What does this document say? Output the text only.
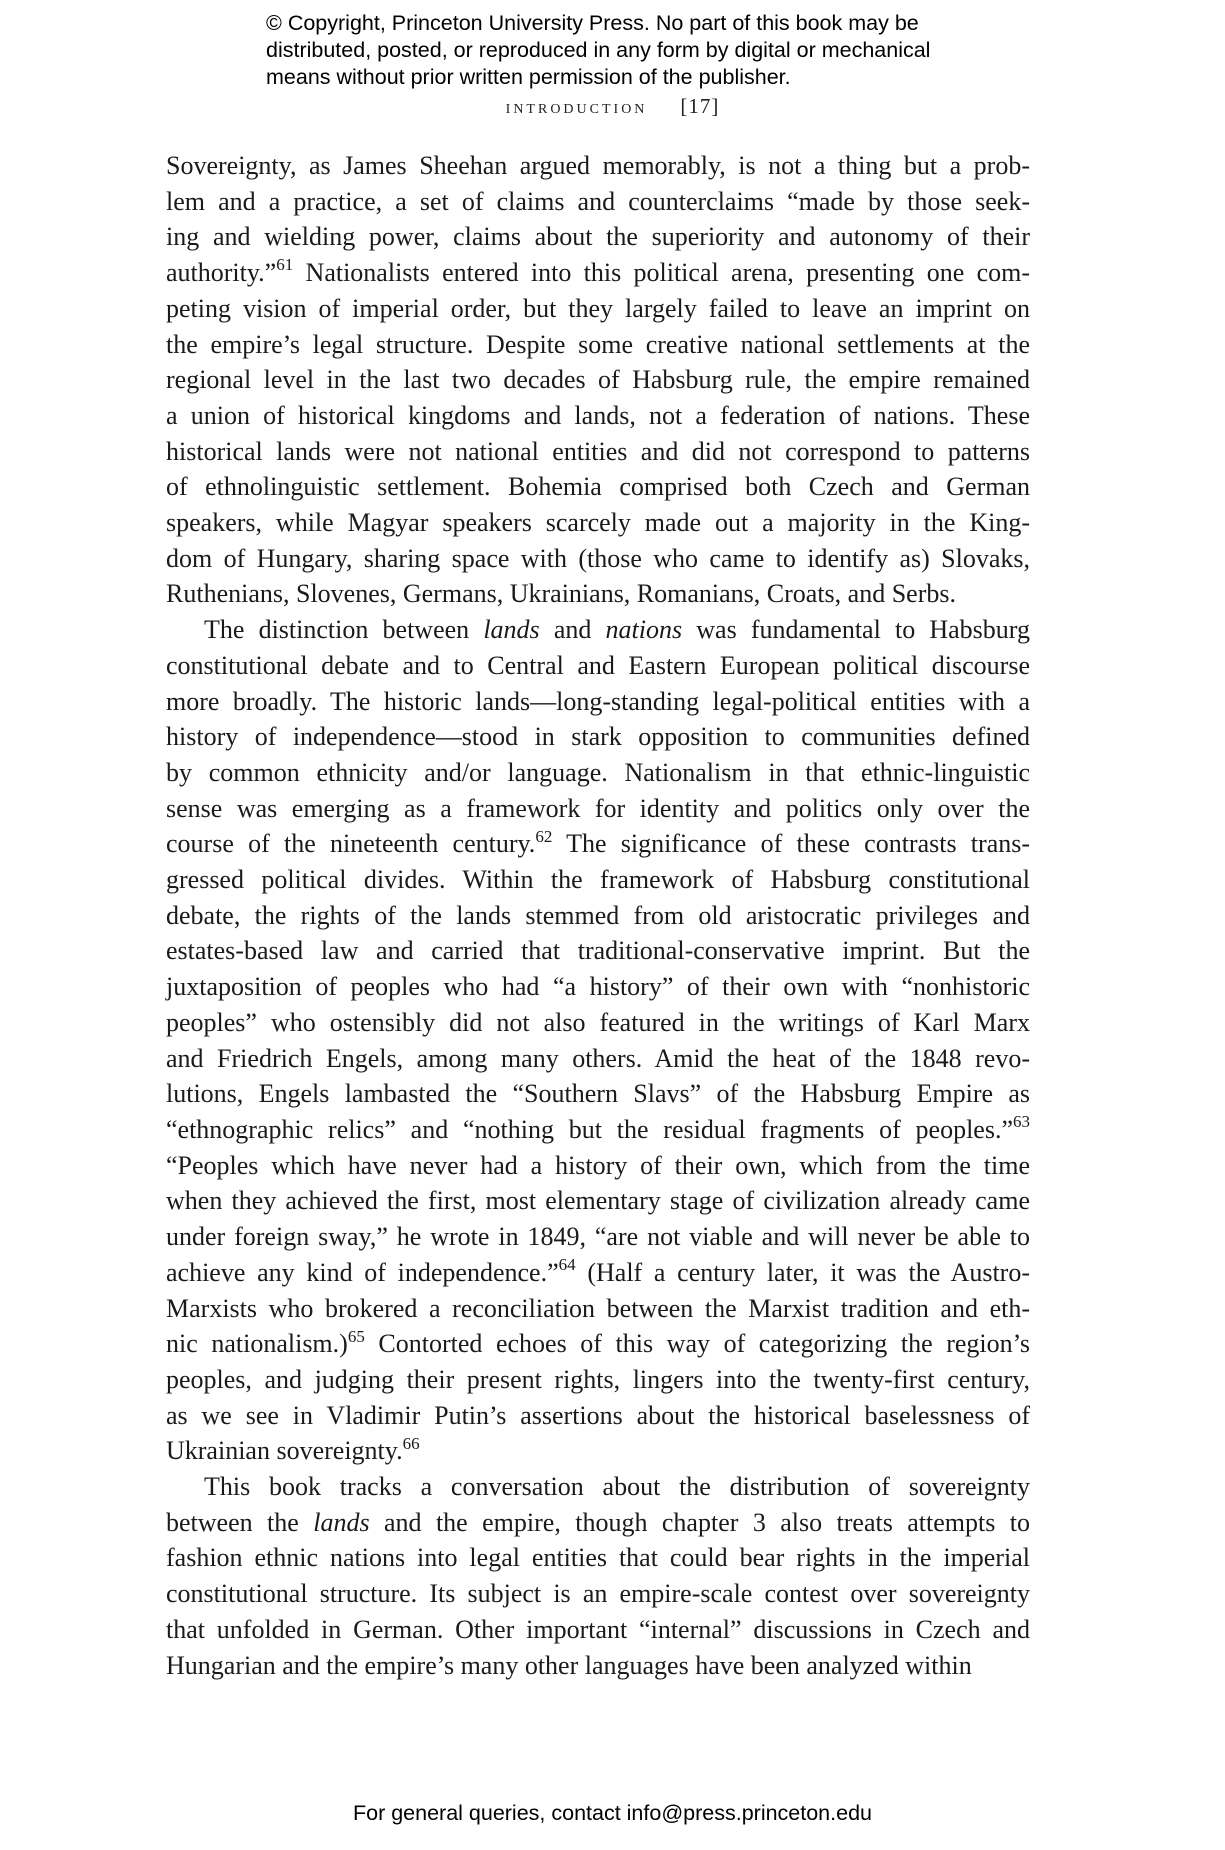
© Copyright, Princeton University Press. No part of this book may be
distributed, posted, or reproduced in any form by digital or mechanical
means without prior written permission of the publisher.
introduction [17]
Sovereignty, as James Sheehan argued memorably, is not a thing but a prob-
lem and a practice, a set of claims and counterclaims “made by those seek-
ing and wielding power, claims about the superiority and autonomy of their
authority.”$^{61}$ Nationalists entered into this political arena, presenting one com-
peting vision of imperial order, but they largely failed to leave an imprint on
the empire’s legal structure. Despite some creative national settlements at the
regional level in the last two decades of Habsburg rule, the empire remained
a union of historical kingdoms and lands, not a federation of nations. These
historical lands were not national entities and did not correspond to patterns
of ethnolinguistic settlement. Bohemia comprised both Czech and German
speakers, while Magyar speakers scarcely made out a majority in the King-
dom of Hungary, sharing space with (those who came to identify as) Slovaks,
Ruthenians, Slovenes, Germans, Ukrainians, Romanians, Croats, and Serbs.
The distinction between lands and nations was fundamental to Habsburg
constitutional debate and to Central and Eastern European political discourse
more broadly. The historic lands—long-standing legal-political entities with a
history of independence—stood in stark opposition to communities defined
by common ethnicity and/or language. Nationalism in that ethnic-linguistic
sense was emerging as a framework for identity and politics only over the
course of the nineteenth century.$^{62}$ The significance of these contrasts trans-
gressed political divides. Within the framework of Habsburg constitutional
debate, the rights of the lands stemmed from old aristocratic privileges and
estates-based law and carried that traditional-conservative imprint. But the
juxtaposition of peoples who had “a history” of their own with “nonhistoric
peoples” who ostensibly did not also featured in the writings of Karl Marx
and Friedrich Engels, among many others. Amid the heat of the 1848 revo-
lutions, Engels lambasted the “Southern Slavs” of the Habsburg Empire as
“ethnographic relics” and “nothing but the residual fragments of peoples.”$^{63}$
“Peoples which have never had a history of their own, which from the time
when they achieved the first, most elementary stage of civilization already came
under foreign sway,” he wrote in 1849, “are not viable and will never be able to
achieve any kind of independence.”$^{64}$ (Half a century later, it was the Austro-
Marxists who brokered a reconciliation between the Marxist tradition and eth-
nic nationalism.)$^{65}$ Contorted echoes of this way of categorizing the region’s
peoples, and judging their present rights, lingers into the twenty-first century,
as we see in Vladimir Putin’s assertions about the historical baselessness of
Ukrainian sovereignty.$^{66}$
This book tracks a conversation about the distribution of sovereignty
between the lands and the empire, though chapter 3 also treats attempts to
fashion ethnic nations into legal entities that could bear rights in the imperial
constitutional structure. Its subject is an empire-scale contest over sovereignty
that unfolded in German. Other important “internal” discussions in Czech and
Hungarian and the empire’s many other languages have been analyzed within
For general queries, contact info@press.princeton.edu
